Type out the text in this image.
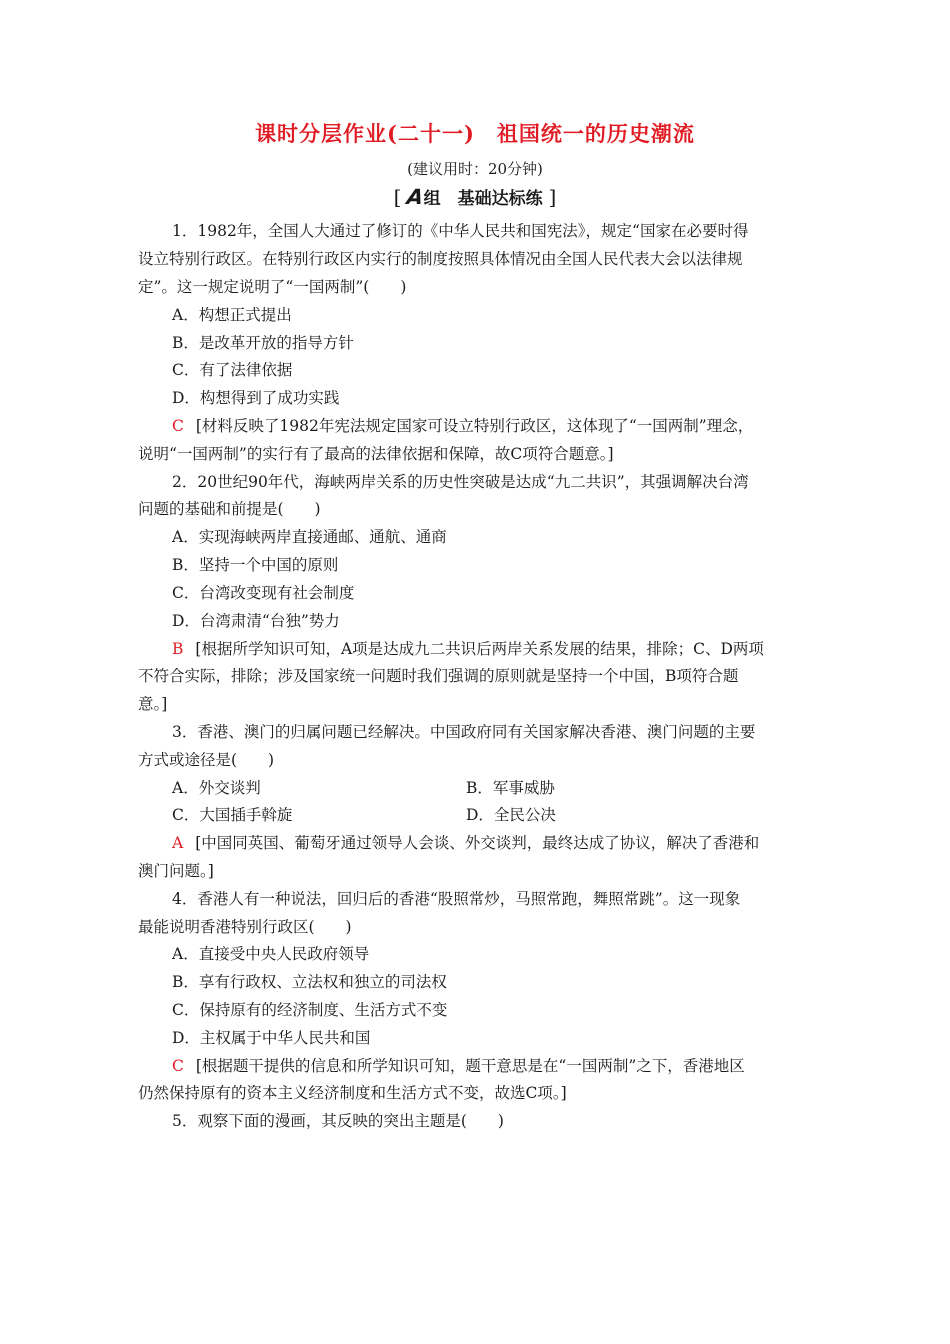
课时分层作业(二十一)　祖国统一的历史潮流
(建议用时：20分钟)
[ A组　基础达标练 ]
1．1982年，全国人大通过了修订的《中华人民共和国宪法》，规定“国家在必要时得
设立特别行政区。在特别行政区内实行的制度按照具体情况由全国人民代表大会以法律规
定”。这一规定说明了“一国两制”(　　)
A．构想正式提出
B．是改革开放的指导方针
C．有了法律依据
D．构想得到了成功实践
C [材料反映了1982年宪法规定国家可设立特别行政区，这体现了“一国两制”理念，
说明“一国两制”的实行有了最高的法律依据和保障，故C项符合题意。]
2．20世纪90年代，海峡两岸关系的历史性突破是达成“九二共识”，其强调解决台湾
问题的基础和前提是(　　)
A．实现海峡两岸直接通邮、通航、通商
B．坚持一个中国的原则
C．台湾改变现有社会制度
D．台湾肃清“台独”势力
B [根据所学知识可知，A项是达成九二共识后两岸关系发展的结果，排除；C、D两项
不符合实际，排除；涉及国家统一问题时我们强调的原则就是坚持一个中国，B项符合题
意。]
3．香港、澳门的归属问题已经解决。中国政府同有关国家解决香港、澳门问题的主要
方式或途径是(　　)
A．外交谈判	B．军事威胁
C．大国插手斡旋	D．全民公决
A [中国同英国、葡萄牙通过领导人会谈、外交谈判，最终达成了协议，解决了香港和
澳门问题。]
4．香港人有一种说法，回归后的香港“股照常炒，马照常跑，舞照常跳”。这一现象
最能说明香港特别行政区(　　)
A．直接受中央人民政府领导
B．享有行政权、立法权和独立的司法权
C．保持原有的经济制度、生活方式不变
D．主权属于中华人民共和国
C [根据题干提供的信息和所学知识可知，题干意思是在“一国两制”之下，香港地区
仍然保持原有的资本主义经济制度和生活方式不变，故选C项。]
5．观察下面的漫画，其反映的突出主题是(　　)
